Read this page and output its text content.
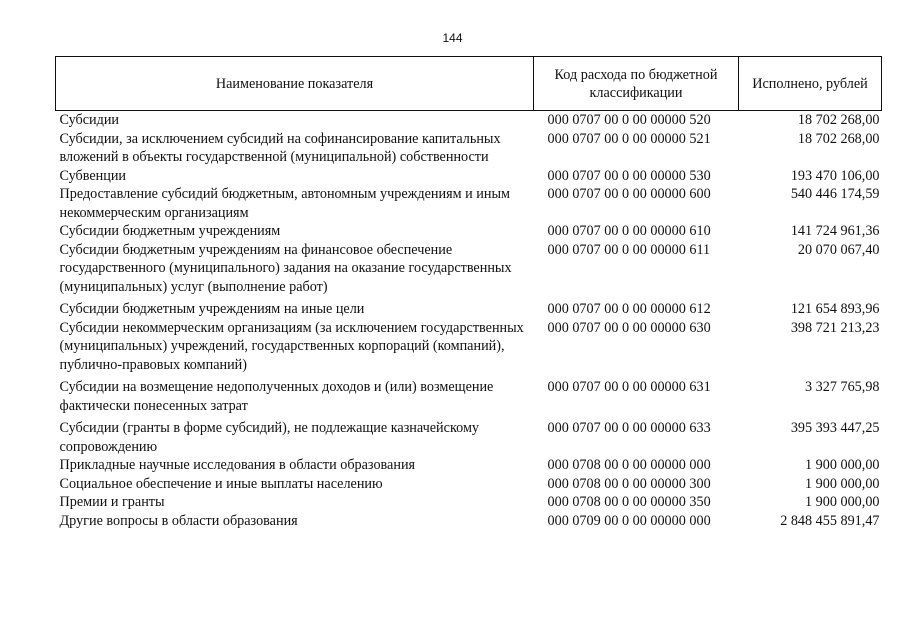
144
Наименование показателя	Код расхода по бюджетной классификации	Исполнено, рублей
Субсидии	000 0707 00 0 00 00000 520	18 702 268,00
Субсидии, за исключением субсидий на софинансирование капитальных вложений в объекты государственной (муниципальной) собственности	000 0707 00 0 00 00000 521	18 702 268,00
Субвенции	000 0707 00 0 00 00000 530	193 470 106,00
Предоставление субсидий бюджетным, автономным учреждениям и иным некоммерческим организациям	000 0707 00 0 00 00000 600	540 446 174,59
Субсидии бюджетным учреждениям	000 0707 00 0 00 00000 610	141 724 961,36
Субсидии бюджетным учреждениям на финансовое обеспечение государственного (муниципального) задания на оказание государственных (муниципальных) услуг (выполнение работ)	000 0707 00 0 00 00000 611	20 070 067,40

Субсидии бюджетным учреждениям на иные цели	000 0707 00 0 00 00000 612	121 654 893,96
Субсидии некоммерческим организациям (за исключением государственных (муниципальных) учреждений, государственных корпораций (компаний), публично-правовых компаний)	000 0707 00 0 00 00000 630	398 721 213,23

Субсидии на возмещение недополученных доходов и (или) возмещение фактически понесенных затрат	000 0707 00 0 00 00000 631	3 327 765,98

Субсидии (гранты в форме субсидий), не подлежащие казначейскому сопровождению	000 0707 00 0 00 00000 633	395 393 447,25
Прикладные научные исследования в области образования	000 0708 00 0 00 00000 000	1 900 000,00
Социальное обеспечение и иные выплаты населению	000 0708 00 0 00 00000 300	1 900 000,00
Премии и гранты	000 0708 00 0 00 00000 350	1 900 000,00
Другие вопросы в области образования	000 0709 00 0 00 00000 000	2 848 455 891,47
